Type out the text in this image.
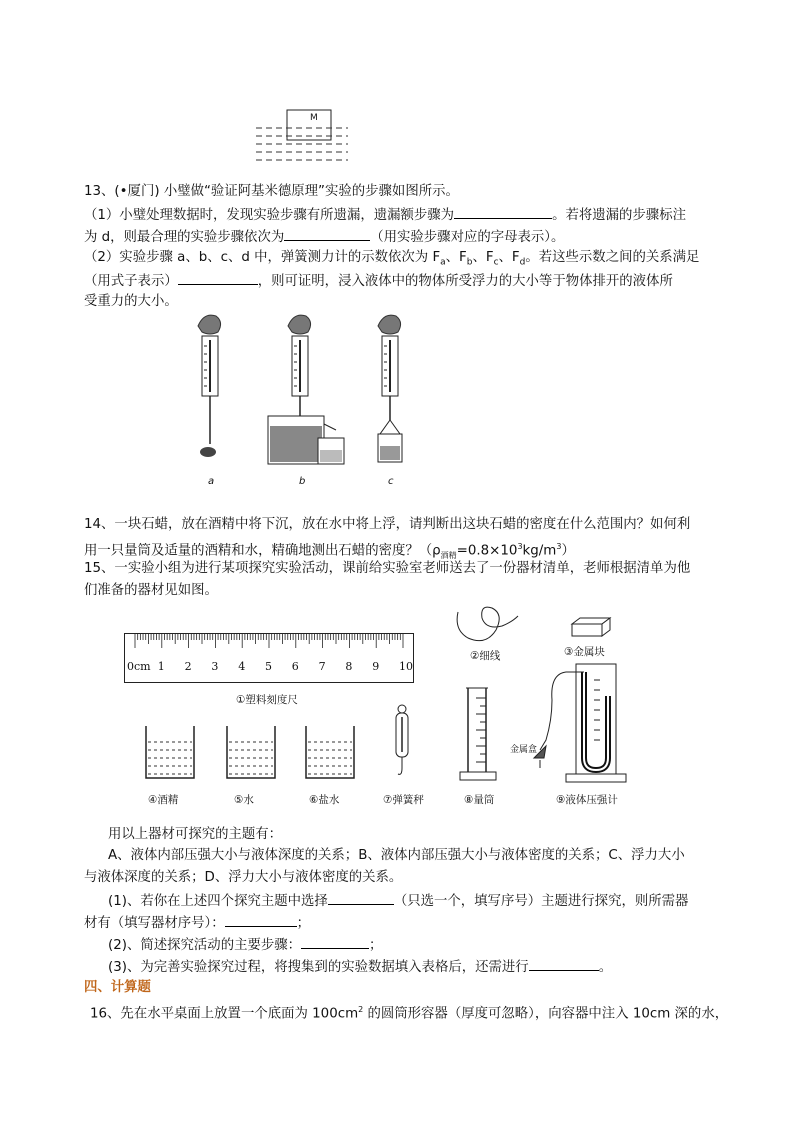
M
13、(•厦门) 小璧做“验证阿基米德原理”实验的步骤如图所示。
（1）小璧处理数据时，发现实验步骤有所遗漏，遗漏额步骤为	。若将遗漏的步骤标注
为 d，则最合理的实验步骤依次为	（用实验步骤对应的字母表示）。
（2）实验步骤 a、b、c、d 中，弹簧测力计的示数依次为 $F_a$、$F_b$、$F_c$、$F_d$。若这些示数之间的关系满足
（用式子表示）	，则可证明，浸入液体中的物体所受浮力的大小等于物体排开的液体所
受重力的大小。
a	b	c
14、一块石蜡，放在酒精中将下沉，放在水中将上浮，请判断出这块石蜡的密度在什么范围内？如何利
用一只量筒及适量的酒精和水，精确地测出石蜡的密度？$(\rho_{酒精}=0.8\times 10^3kg/m^3)$
15、一实验小组为进行某项探究实验活动，课前给实验室老师送去了一份器材清单，老师根据清单为他
们准备的器材见如图。
0cm 1 2 3 4 5 6 7 8 9 10
①塑料刻度尺
②细线	③金属块
④酒精	⑤水	⑥盐水	⑦弹簧秤	⑧量筒
金属盒
⑨液体压强计
用以上器材可探究的主题有：
A、液体内部压强大小与液体深度的关系；B、液体内部压强大小与液体密度的关系；C、浮力大小
与液体深度的关系；D、浮力大小与液体密度的关系。
(1)、若你在上述四个探究主题中选择	（只选一个，填写序号）主题进行探究，则所需器
材有（填写器材序号）：	；
(2)、简述探究活动的主要步骤：	；
(3)、为完善实验探究过程，将搜集到的实验数据填入表格后，还需进行	。
四、计算题
16、先在水平桌面上放置一个底面为 $100cm^2$ 的圆筒形容器（厚度可忽略），向容器中注入 10cm 深的水，
